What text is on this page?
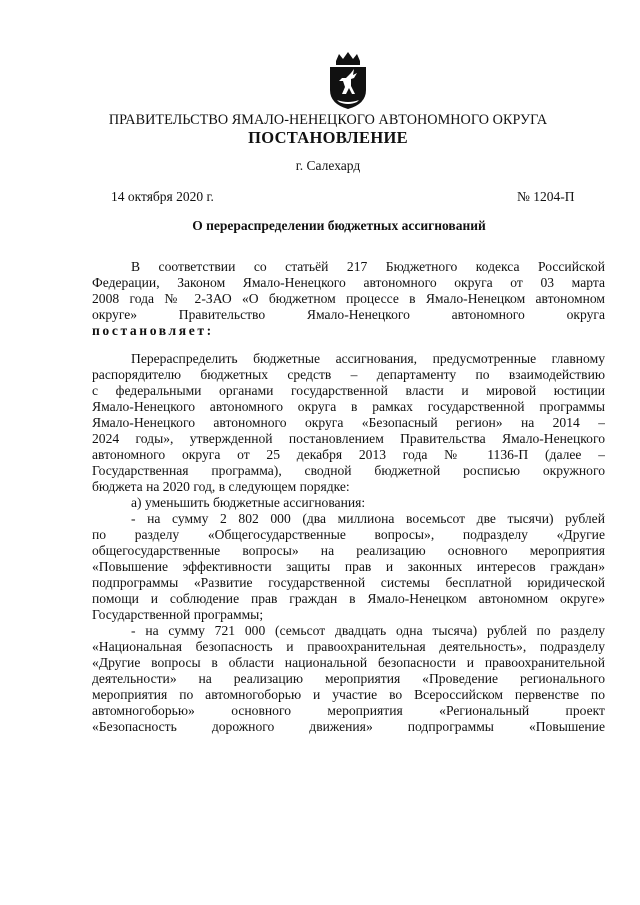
ПРАВИТЕЛЬСТВО ЯМАЛО-НЕНЕЦКОГО АВТОНОМНОГО ОКРУГА
ПОСТАНОВЛЕНИЕ
г. Салехард
14 октября 2020 г.	№ 1204-П
О перераспределении бюджетных ассигнований
В соответствии со статьёй 217 Бюджетного кодекса Российской
Федерации, Законом Ямало-Ненецкого автономного округа от 03 марта
2008 года № 2-ЗАО «О бюджетном процессе в Ямало-Ненецком автономном
округе» Правительство Ямало-Ненецкого автономного округа
постановляет:
Перераспределить бюджетные ассигнования, предусмотренные главному
распорядителю бюджетных средств – департаменту по взаимодействию
с федеральными органами государственной власти и мировой юстиции
Ямало-Ненецкого автономного округа в рамках государственной программы
Ямало-Ненецкого автономного округа «Безопасный регион» на 2014 –
2024 годы», утвержденной постановлением Правительства Ямало-Ненецкого
автономного округа от 25 декабря 2013 года № 1136-П (далее –
Государственная программа), сводной бюджетной росписью окружного
бюджета на 2020 год, в следующем порядке:
а) уменьшить бюджетные ассигнования:
- на сумму 2 802 000 (два миллиона восемьсот две тысячи) рублей
по разделу «Общегосударственные вопросы», подразделу «Другие
общегосударственные вопросы» на реализацию основного мероприятия
«Повышение эффективности защиты прав и законных интересов граждан»
подпрограммы «Развитие государственной системы бесплатной юридической
помощи и соблюдение прав граждан в Ямало-Ненецком автономном округе»
Государственной программы;
- на сумму 721 000 (семьсот двадцать одна тысяча) рублей по разделу
«Национальная безопасность и правоохранительная деятельность», подразделу
«Другие вопросы в области национальной безопасности и правоохранительной
деятельности» на реализацию мероприятия «Проведение регионального
мероприятия по автомногоборью и участие во Всероссийском первенстве по
автомногоборью» основного мероприятия «Региональный проект
«Безопасность дорожного движения» подпрограммы «Повышение
